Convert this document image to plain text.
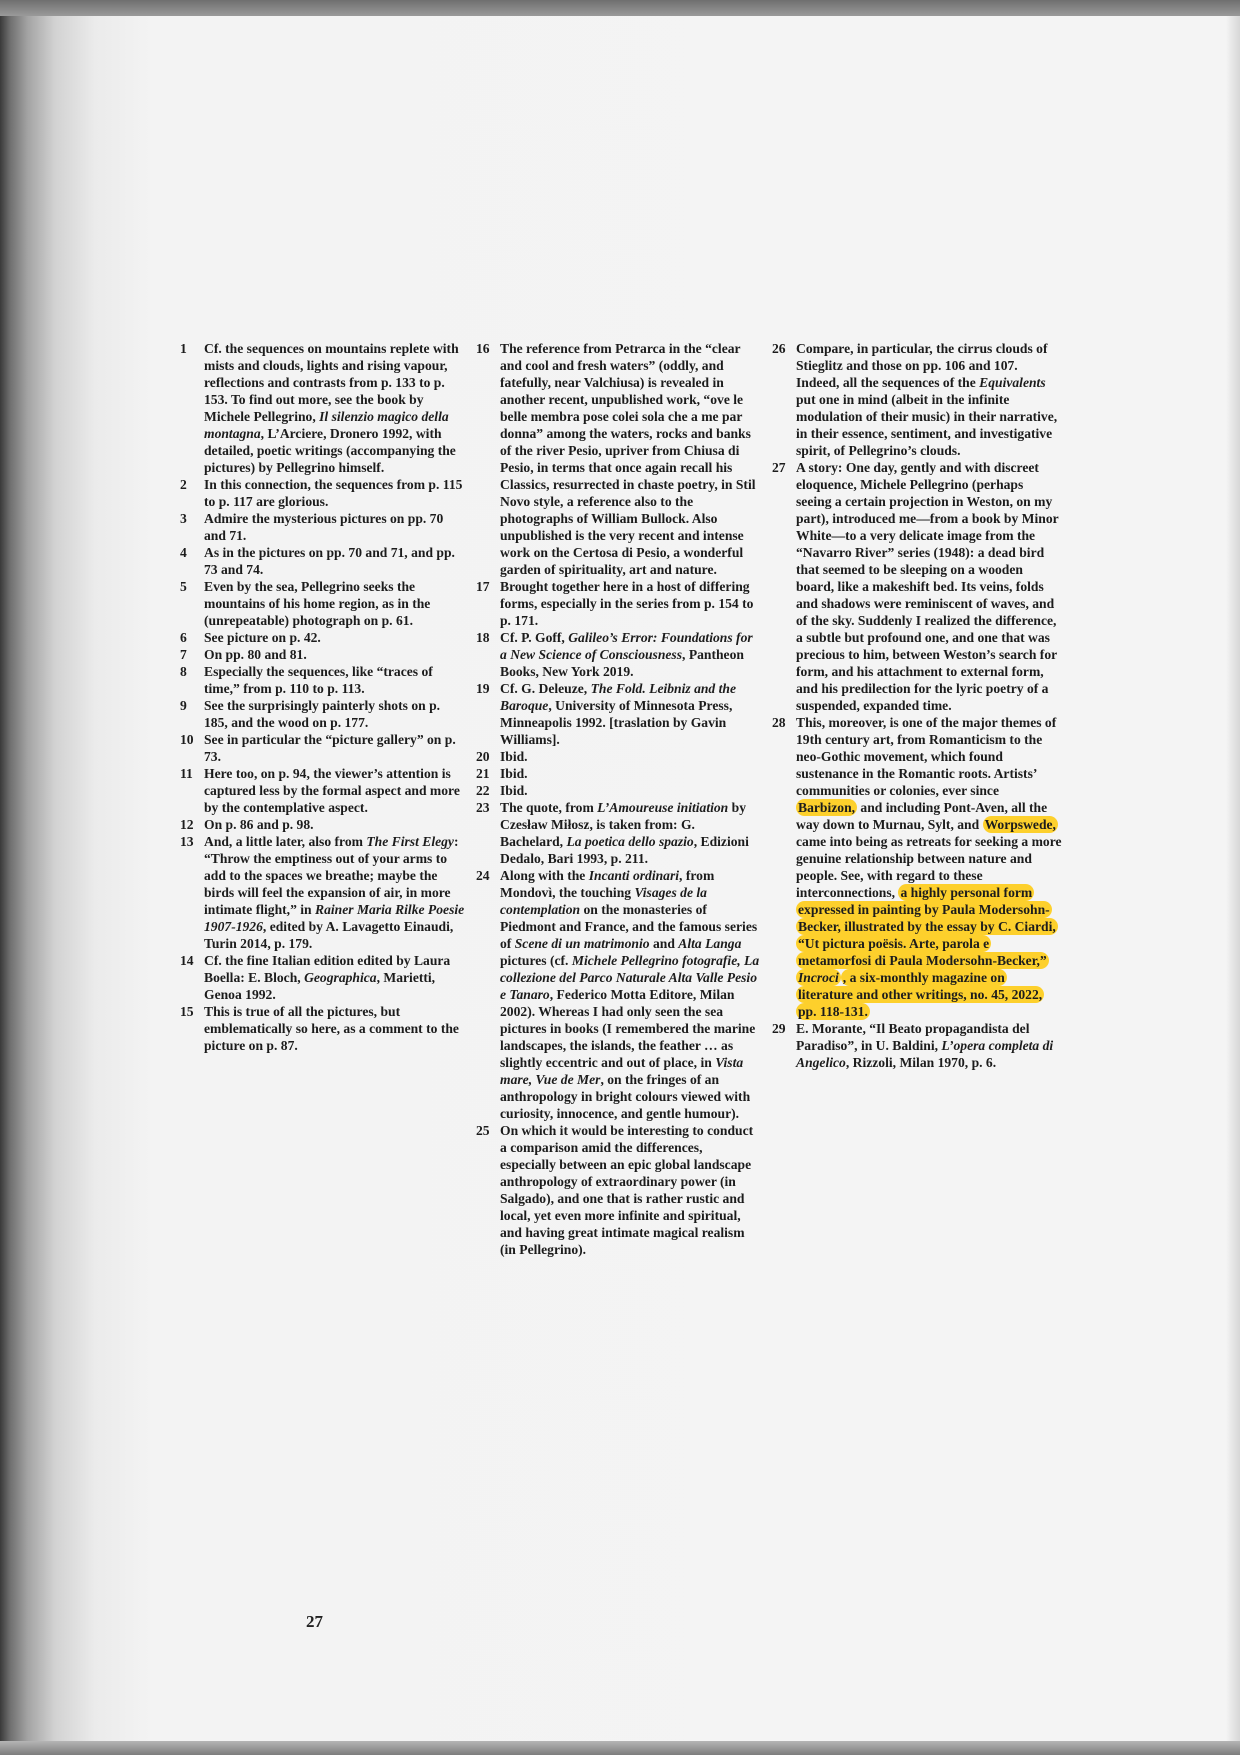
1	Cf. the sequences on mountains replete with mists and clouds, lights and rising vapour, reflections and contrasts from p. 133 to p. 153. To find out more, see the book by Michele Pellegrino, Il silenzio magico della montagna, L’Arciere, Dronero 1992, with detailed, poetic writings (accompanying the pictures) by Pellegrino himself.
2	In this connection, the sequences from p. 115 to p. 117 are glorious.
3	Admire the mysterious pictures on pp. 70 and 71.
4	As in the pictures on pp. 70 and 71, and pp. 73 and 74.
5	Even by the sea, Pellegrino seeks the mountains of his home region, as in the (unrepeatable) photograph on p. 61.
6	See picture on p. 42.
7	On pp. 80 and 81.
8	Especially the sequences, like “traces of time,” from p. 110 to p. 113.
9	See the surprisingly painterly shots on p. 185, and the wood on p. 177.
10 See in particular the “picture gallery” on p. 73.
11 Here too, on p. 94, the viewer’s attention is captured less by the formal aspect and more by the contemplative aspect.
12 On p. 86 and p. 98.
13 And, a little later, also from The First Elegy: “Throw the emptiness out of your arms to add to the spaces we breathe; maybe the birds will feel the expansion of air, in more intimate flight,” in Rainer Maria Rilke Poesie 1907-1926, edited by A. Lavagetto Einaudi, Turin 2014, p. 179.
14 Cf. the fine Italian edition edited by Laura Boella: E. Bloch, Geographica, Marietti, Genoa 1992.
15 This is true of all the pictures, but emblematically so here, as a comment to the picture on p. 87.
16 The reference from Petrarca in the “clear and cool and fresh waters” (oddly, and fatefully, near Valchiusa) is revealed in another recent, unpublished work, “ove le belle membra pose colei sola che a me par donna” among the waters, rocks and banks of the river Pesio, upriver from Chiusa di Pesio, in terms that once again recall his Classics, resurrected in chaste poetry, in Stil Novo style, a reference also to the photographs of William Bullock. Also unpublished is the very recent and intense work on the Certosa di Pesio, a wonderful garden of spirituality, art and nature.
17 Brought together here in a host of differing forms, especially in the series from p. 154 to p. 171.
18 Cf. P. Goff, Galileo’s Error: Foundations for a New Science of Consciousness, Pantheon Books, New York 2019.
19 Cf. G. Deleuze, The Fold. Leibniz and the Baroque, University of Minnesota Press, Minneapolis 1992. [traslation by Gavin Williams].
20 Ibid.
21 Ibid.
22 Ibid.
23 The quote, from L’Amoureuse initiation by Czesław Miłosz, is taken from: G. Bachelard, La poetica dello spazio, Edizioni Dedalo, Bari 1993, p. 211.
24 Along with the Incanti ordinari, from Mondovì, the touching Visages de la contemplation on the monasteries of Piedmont and France, and the famous series of Scene di un matrimonio and Alta Langa pictures (cf. Michele Pellegrino fotografie, La collezione del Parco Naturale Alta Valle Pesio e Tanaro, Federico Motta Editore, Milan 2002). Whereas I had only seen the sea pictures in books (I remembered the marine landscapes, the islands, the feather … as slightly eccentric and out of place, in Vista mare, Vue de Mer, on the fringes of an anthropology in bright colours viewed with curiosity, innocence, and gentle humour).
25 On which it would be interesting to conduct a comparison amid the differences, especially between an epic global landscape anthropology of extraordinary power (in Salgado), and one that is rather rustic and local, yet even more infinite and spiritual, and having great intimate magical realism (in Pellegrino).
26 Compare, in particular, the cirrus clouds of Stieglitz and those on pp. 106 and 107. Indeed, all the sequences of the Equivalents put one in mind (albeit in the infinite modulation of their music) in their narrative, in their essence, sentiment, and investigative spirit, of Pellegrino’s clouds.
27 A story: One day, gently and with discreet eloquence, Michele Pellegrino (perhaps seeing a certain projection in Weston, on my part), introduced me—from a book by Minor White—to a very delicate image from the “Navarro River” series (1948): a dead bird that seemed to be sleeping on a wooden board, like a makeshift bed. Its veins, folds and shadows were reminiscent of waves, and of the sky. Suddenly I realized the difference, a subtle but profound one, and one that was precious to him, between Weston’s search for form, and his attachment to external form, and his predilection for the lyric poetry of a suspended, expanded time.
28 This, moreover, is one of the major themes of 19th century art, from Romanticism to the neo-Gothic movement, which found sustenance in the Romantic roots. Artists’ communities or colonies, ever since Barbizon, and including Pont-Aven, all the way down to Murnau, Sylt, and Worpswede, came into being as retreats for seeking a more genuine relationship between nature and people. See, with regard to these interconnections, a highly personal form expressed in painting by Paula Modersohn-Becker, illustrated by the essay by C. Ciardi, “Ut pictura poësis. Arte, parola e metamorfosi di Paula Modersohn-Becker,” Incroci , a six-monthly magazine on literature and other writings, no. 45, 2022, pp. 118-131.
29 E. Morante, “Il Beato propagandista del Paradiso”, in U. Baldini, L’opera completa di Angelico, Rizzoli, Milan 1970, p. 6.
27
